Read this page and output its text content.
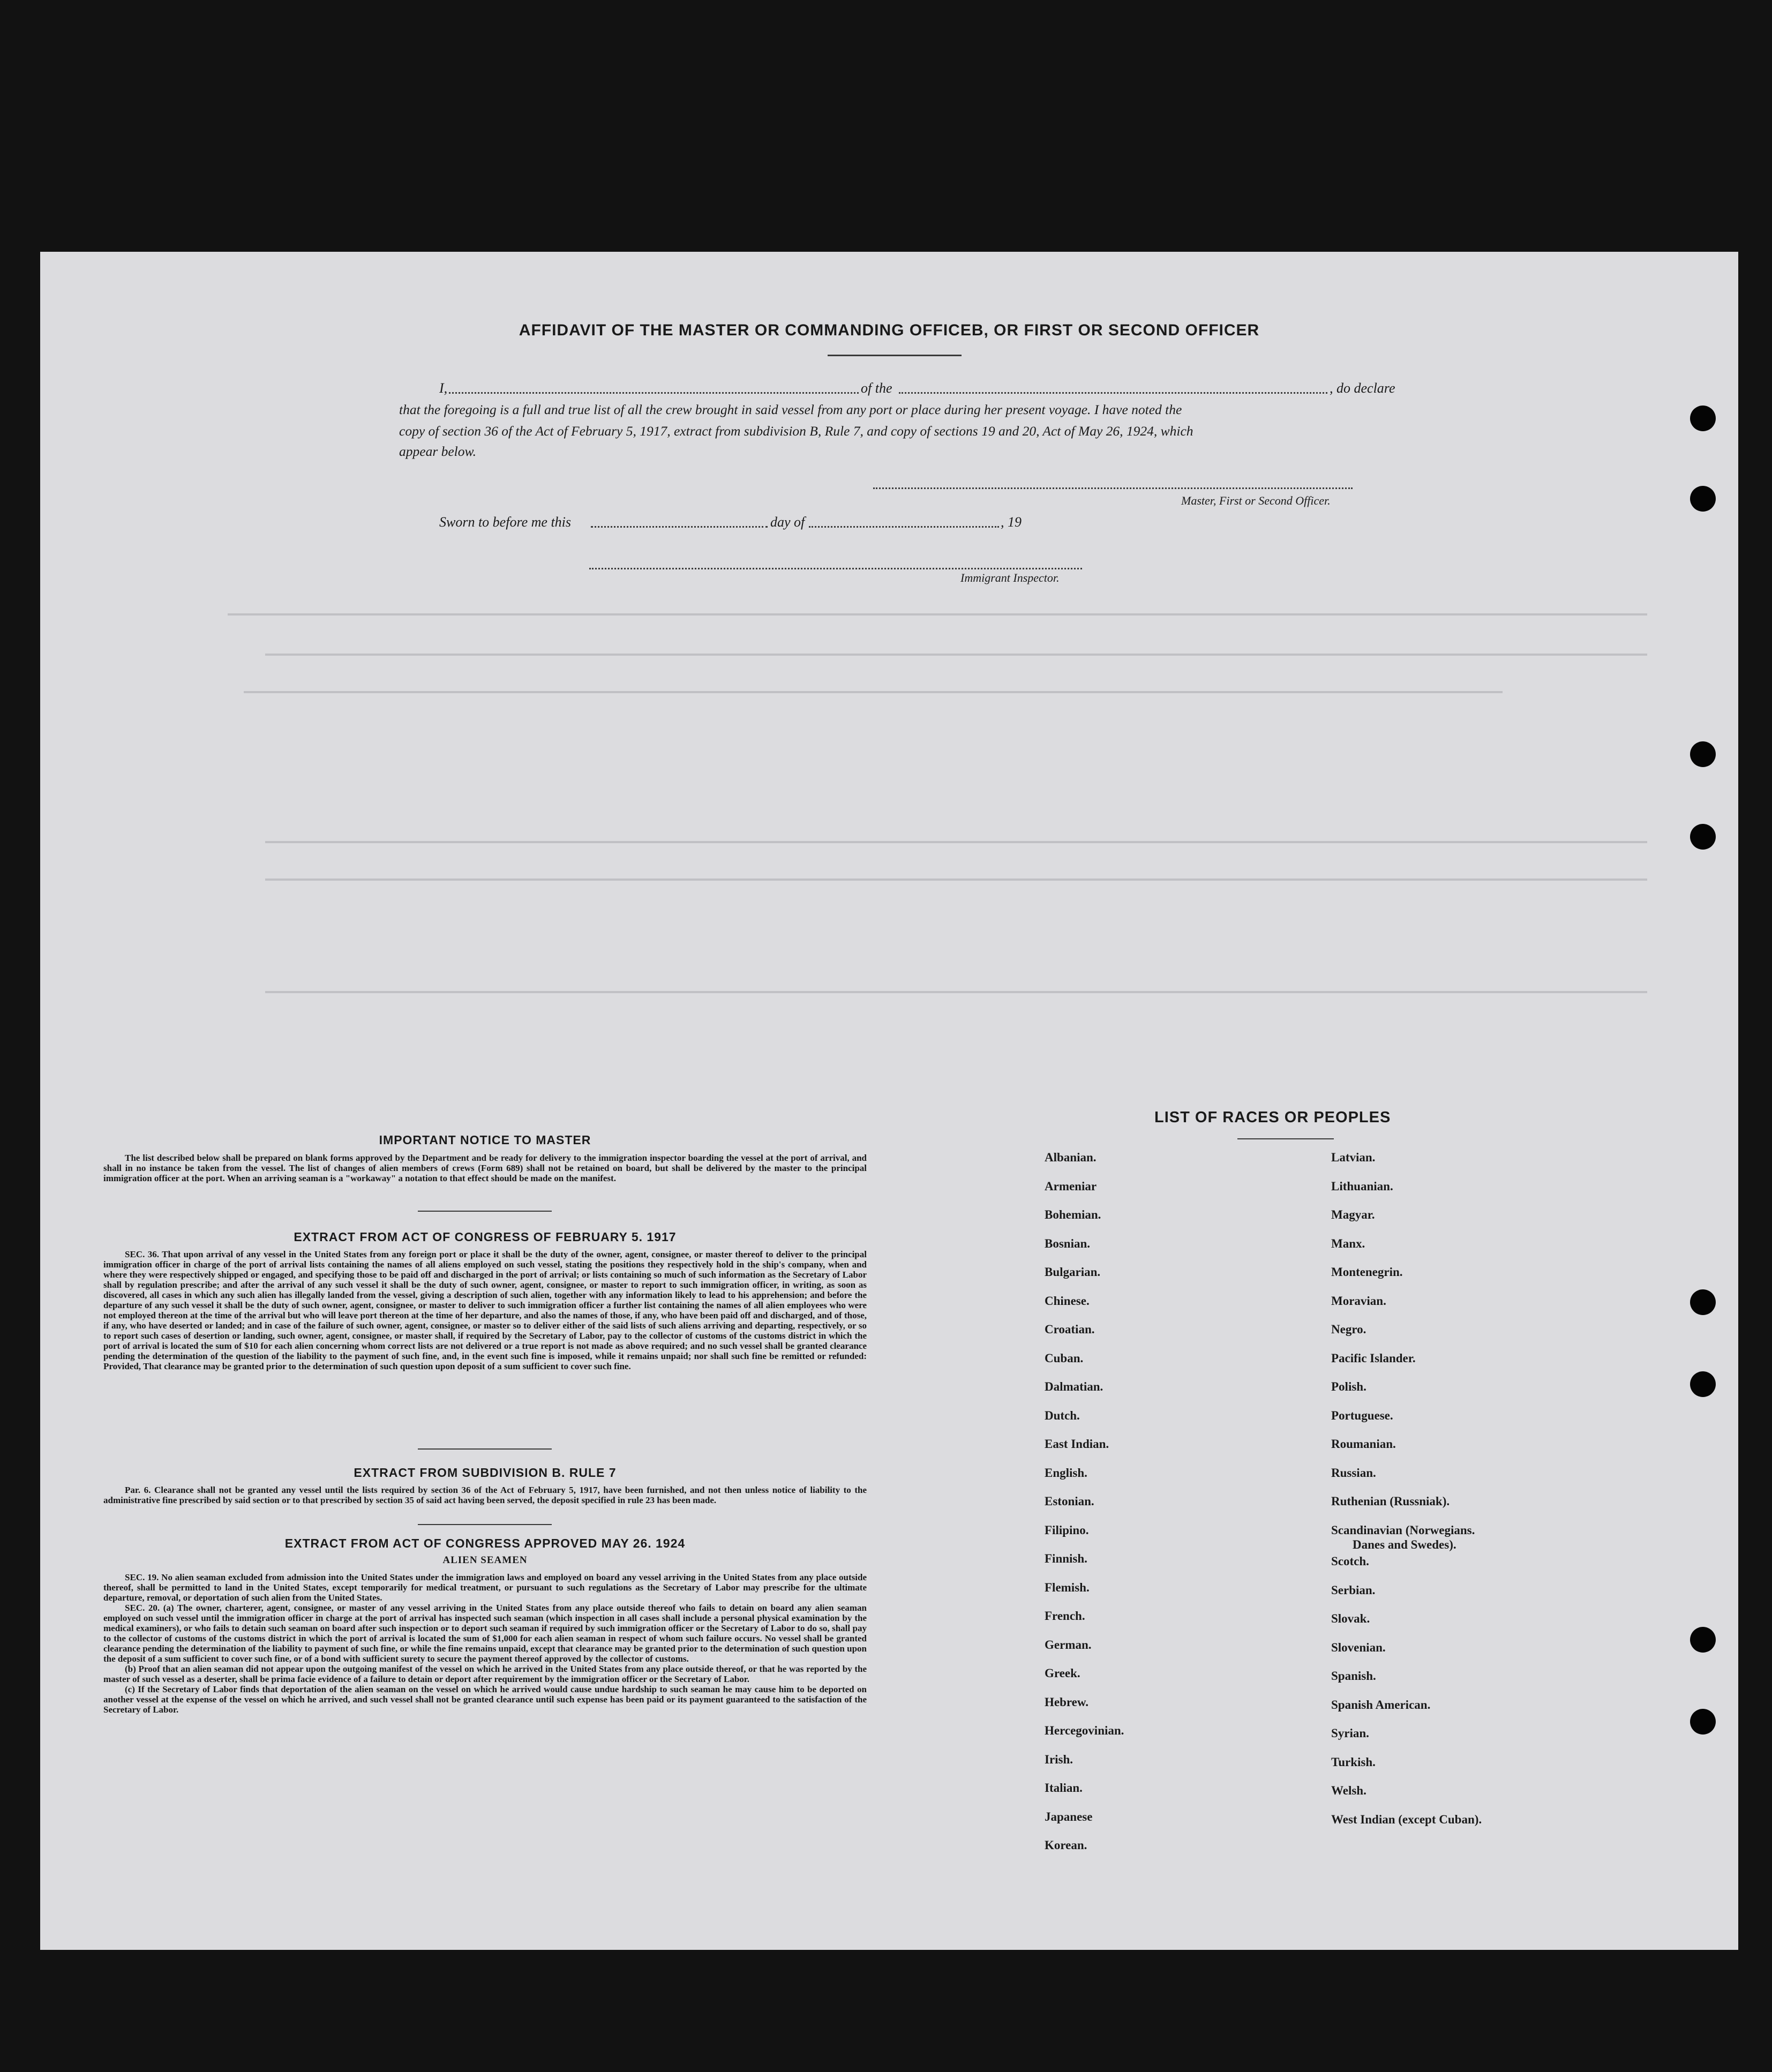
AFFIDAVIT OF THE MASTER OR COMMANDING OFFICEB, OR FIRST OR SECOND OFFICER
I,	of the	, do declare
that the foregoing is a full and true list of all the crew brought in said vessel from any port or place during her present voyage. I have noted the
copy of section 36 of the Act of February 5, 1917, extract from subdivision B, Rule 7, and copy of sections 19 and 20, Act of May 26, 1924, which
appear below.
Master, First or Second Officer.
Sworn to before me this	day of	, 19
Immigrant Inspector.
IMPORTANT NOTICE TO MASTER

The list described below shall be prepared on blank forms approved by the Department and be ready for delivery to the immigration inspector boarding the vessel at the port of arrival, and shall in no instance be taken from the vessel. The list of changes of alien members of crews (Form 689) shall not be retained on board, but shall be delivered by the master to the principal immigration officer at the port. When an arriving seaman is a "workaway" a notation to that effect should be made on the manifest.

EXTRACT FROM ACT OF CONGRESS OF FEBRUARY 5. 1917

SEC. 36. That upon arrival of any vessel in the United States from any foreign port or place it shall be the duty of the owner, agent, consignee, or master thereof to deliver to the principal immigration officer in charge of the port of arrival lists containing the names of all aliens employed on such vessel, stating the positions they respectively hold in the ship's company, when and where they were respectively shipped or engaged, and specifying those to be paid off and discharged in the port of arrival; or lists containing so much of such information as the Secretary of Labor shall by regulation prescribe; and after the arrival of any such vessel it shall be the duty of such owner, agent, consignee, or master to report to such immigration officer, in writing, as soon as discovered, all cases in which any such alien has illegally landed from the vessel, giving a description of such alien, together with any information likely to lead to his apprehension; and before the departure of any such vessel it shall be the duty of such owner, agent, consignee, or master to deliver to such immigration officer a further list containing the names of all alien employees who were not employed thereon at the time of the arrival but who will leave port thereon at the time of her departure, and also the names of those, if any, who have been paid off and discharged, and of those, if any, who have deserted or landed; and in case of the failure of such owner, agent, consignee, or master so to deliver either of the said lists of such aliens arriving and departing, respectively, or so to report such cases of desertion or landing, such owner, agent, consignee, or master shall, if required by the Secretary of Labor, pay to the collector of customs of the customs district in which the port of arrival is located the sum of $10 for each alien concerning whom correct lists are not delivered or a true report is not made as above required; and no such vessel shall be granted clearance pending the determination of the question of the liability to the payment of such fine, and, in the event such fine is imposed, while it remains unpaid; nor shall such fine be remitted or refunded: Provided, That clearance may be granted prior to the determination of such question upon deposit of a sum sufficient to cover such fine.

EXTRACT FROM SUBDIVISION B. RULE 7

Par. 6. Clearance shall not be granted any vessel until the lists required by section 36 of the Act of February 5, 1917, have been furnished, and not then unless notice of liability to the administrative fine prescribed by said section or to that prescribed by section 35 of said act having been served, the deposit specified in rule 23 has been made.

EXTRACT FROM ACT OF CONGRESS APPROVED MAY 26. 1924
ALIEN SEAMEN

SEC. 19. No alien seaman excluded from admission into the United States under the immigration laws and employed on board any vessel arriving in the United States from any place outside thereof, shall be permitted to land in the United States, except temporarily for medical treatment, or pursuant to such regulations as the Secretary of Labor may prescribe for the ultimate departure, removal, or deportation of such alien from the United States.

SEC. 20. (a) The owner, charterer, agent, consignee, or master of any vessel arriving in the United States from any place outside thereof who fails to detain on board any alien seaman employed on such vessel until the immigration officer in charge at the port of arrival has inspected such seaman (which inspection in all cases shall include a personal physical examination by the medical examiners), or who fails to detain such seaman on board after such inspection or to deport such seaman if required by such immigration officer or the Secretary of Labor to do so, shall pay to the collector of customs of the customs district in which the port of arrival is located the sum of $1,000 for each alien seaman in respect of whom such failure occurs. No vessel shall be granted clearance pending the determination of the liability to payment of such fine, or while the fine remains unpaid, except that clearance may be granted prior to the determination of such question upon the deposit of a sum sufficient to cover such fine, or of a bond with sufficient surety to secure the payment thereof approved by the collector of customs.

(b) Proof that an alien seaman did not appear upon the outgoing manifest of the vessel on which he arrived in the United States from any place outside thereof, or that he was reported by the master of such vessel as a deserter, shall be prima facie evidence of a failure to detain or deport after requirement by the immigration officer or the Secretary of Labor.

(c) If the Secretary of Labor finds that deportation of the alien seaman on the vessel on which he arrived would cause undue hardship to such seaman he may cause him to be deported on another vessel at the expense of the vessel on which he arrived, and such vessel shall not be granted clearance until such expense has been paid or its payment guaranteed to the satisfaction of the Secretary of Labor.

LIST OF RACES OR PEOPLES
Albanian.
Armeniar
Bohemian.
Bosnian.
Bulgarian.
Chinese.
Croatian.
Cuban.
Dalmatian.
Dutch.
East Indian.
English.
Estonian.
Filipino.
Finnish.
Flemish.
French.
German.
Greek.
Hebrew.
Hercegovinian.
Irish.
Italian.
Japanese
Korean.
Latvian.
Lithuanian.
Magyar.
Manx.
Montenegrin.
Moravian.
Negro.
Pacific Islander.
Polish.
Portuguese.
Roumanian.
Russian.
Ruthenian (Russniak).
Scandinavian (Norwegians.
Danes and Swedes).
Scotch.
Serbian.
Slovak.
Slovenian.
Spanish.
Spanish American.
Syrian.
Turkish.
Welsh.
West Indian (except Cuban).
